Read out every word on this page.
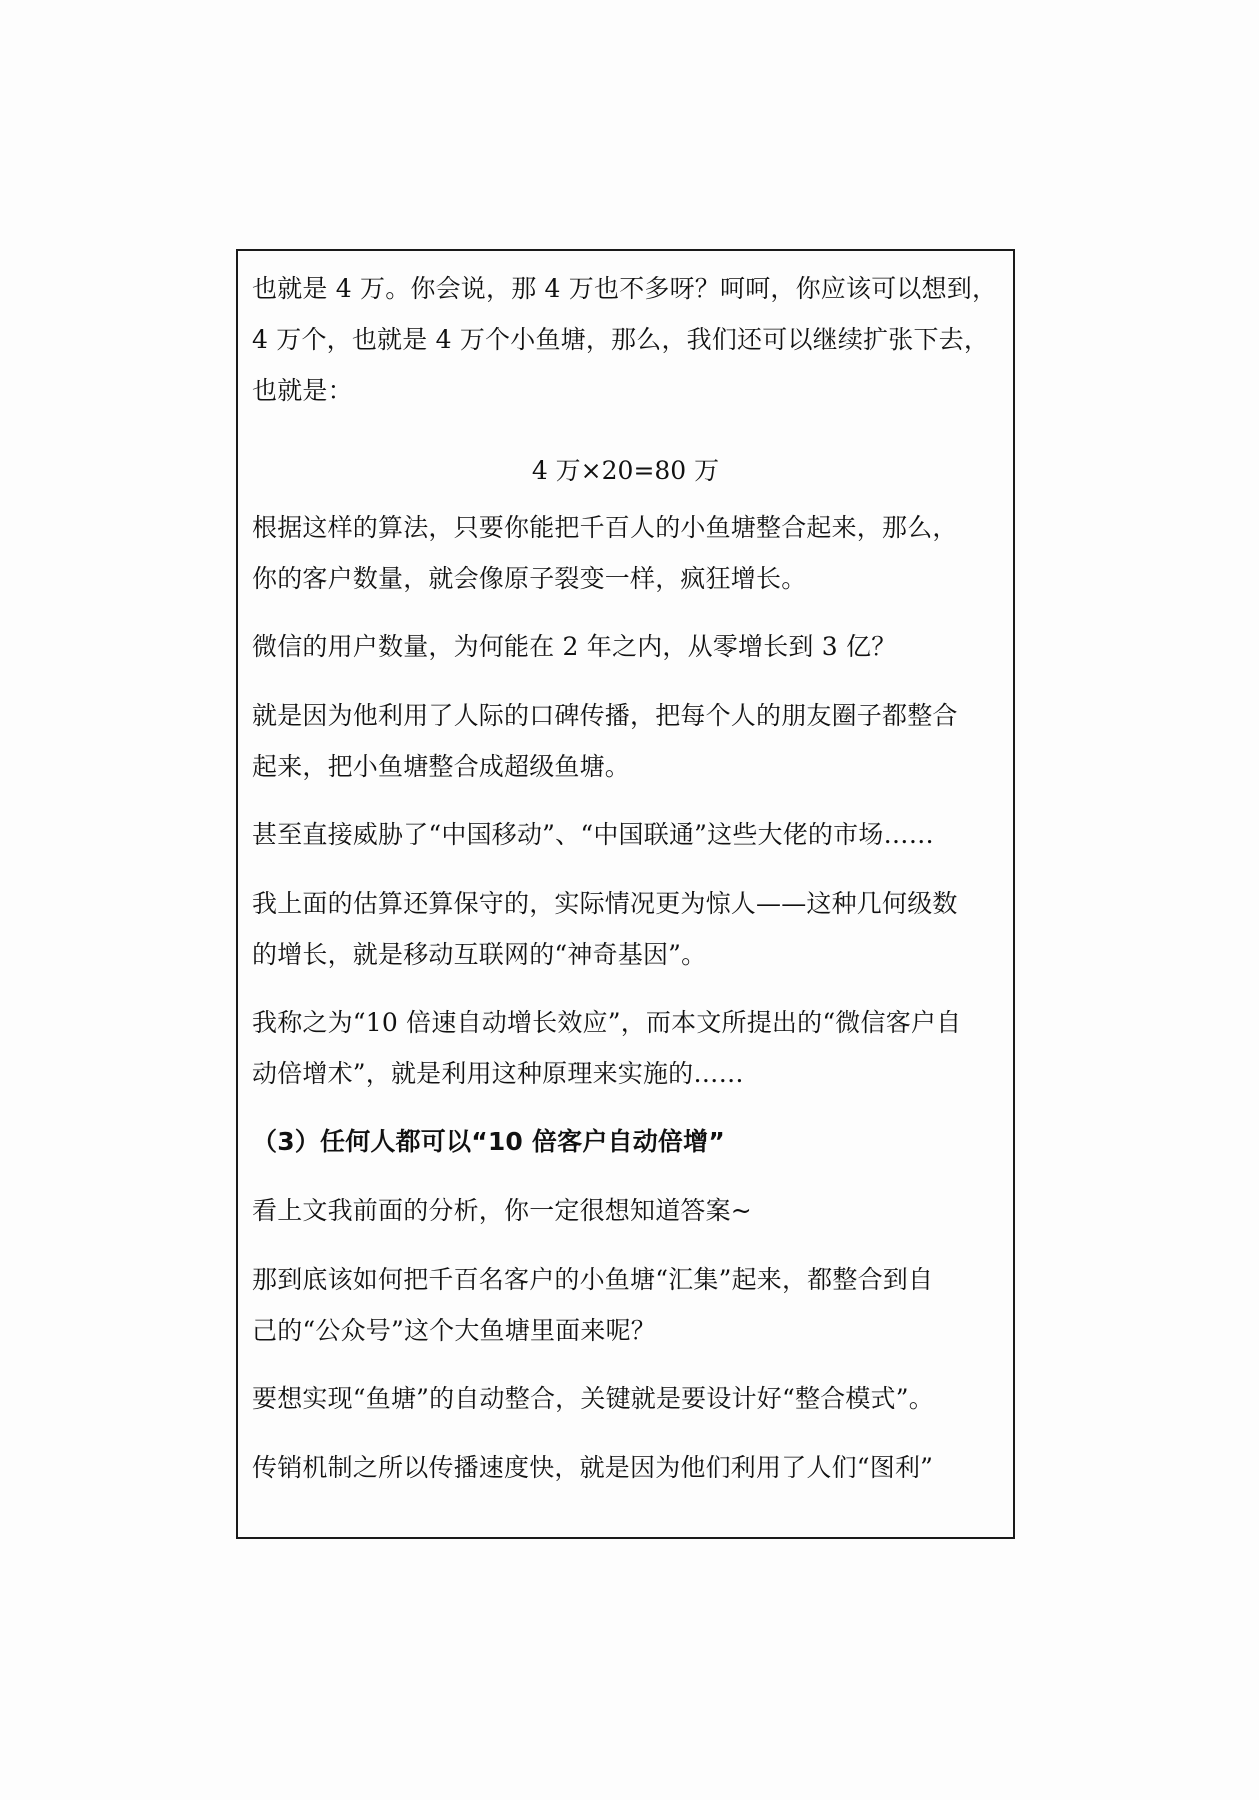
也就是 4 万。你会说，那 4 万也不多呀？呵呵，你应该可以想到，
4 万个，也就是 4 万个小鱼塘，那么，我们还可以继续扩张下去，
也就是：
4 万×20=80 万
根据这样的算法，只要你能把千百人的小鱼塘整合起来，那么，
你的客户数量，就会像原子裂变一样，疯狂增长。
微信的用户数量，为何能在 2 年之内，从零增长到 3 亿？
就是因为他利用了人际的口碑传播，把每个人的朋友圈子都整合
起来，把小鱼塘整合成超级鱼塘。
甚至直接威胁了“中国移动”、“中国联通”这些大佬的市场……
我上面的估算还算保守的，实际情况更为惊人——这种几何级数
的增长，就是移动互联网的“神奇基因”。
我称之为“10 倍速自动增长效应”，而本文所提出的“微信客户自
动倍增术”，就是利用这种原理来实施的……
（3）任何人都可以“10 倍客户自动倍增”
看上文我前面的分析，你一定很想知道答案~
那到底该如何把千百名客户的小鱼塘“汇集”起来，都整合到自
己的“公众号”这个大鱼塘里面来呢？
要想实现“鱼塘”的自动整合，关键就是要设计好“整合模式”。
传销机制之所以传播速度快，就是因为他们利用了人们“图利”
